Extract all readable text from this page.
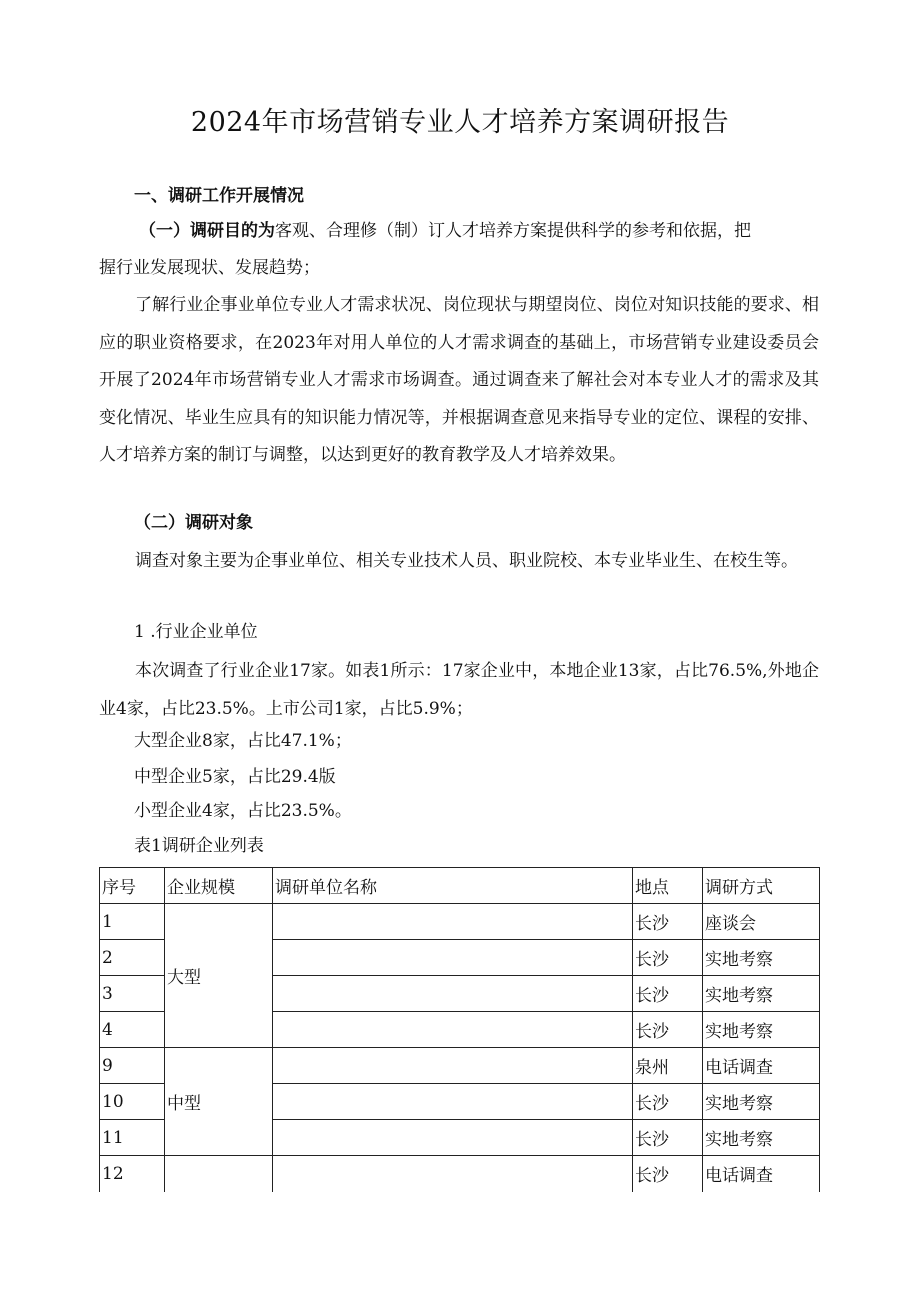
2024年市场营销专业人才培养方案调研报告
一、调研工作开展情况
（一）调研目的为客观、合理修（制）订人才培养方案提供科学的参考和依据，把
握行业发展现状、发展趋势；
了解行业企事业单位专业人才需求状况、岗位现状与期望岗位、岗位对知识技能的要求、相应的职业资格要求，在2023年对用人单位的人才需求调查的基础上，市场营销专业建设委员会开展了2024年市场营销专业人才需求市场调查。通过调查来了解社会对本专业人才的需求及其变化情况、毕业生应具有的知识能力情况等，并根据调查意见来指导专业的定位、课程的安排、人才培养方案的制订与调整，以达到更好的教育教学及人才培养效果。
（二）调研对象
调查对象主要为企事业单位、相关专业技术人员、职业院校、本专业毕业生、在校生等。
1 .行业企业单位
本次调查了行业企业17家。如表1所示：17家企业中，本地企业13家，占比76.5%,外地企业4家，占比23.5%。上市公司1家，占比5.9%；
大型企业8家，占比47.1%；
中型企业5家，占比29.4版
小型企业4家，占比23.5%。
表1调研企业列表
序号	企业规模	调研单位名称	地点	调研方式
1	大型		长沙	座谈会
2			长沙	实地考察
3			长沙	实地考察
4			长沙	实地考察
9	中型		泉州	电话调查
10			长沙	实地考察
11			长沙	实地考察
12			长沙	电话调查
